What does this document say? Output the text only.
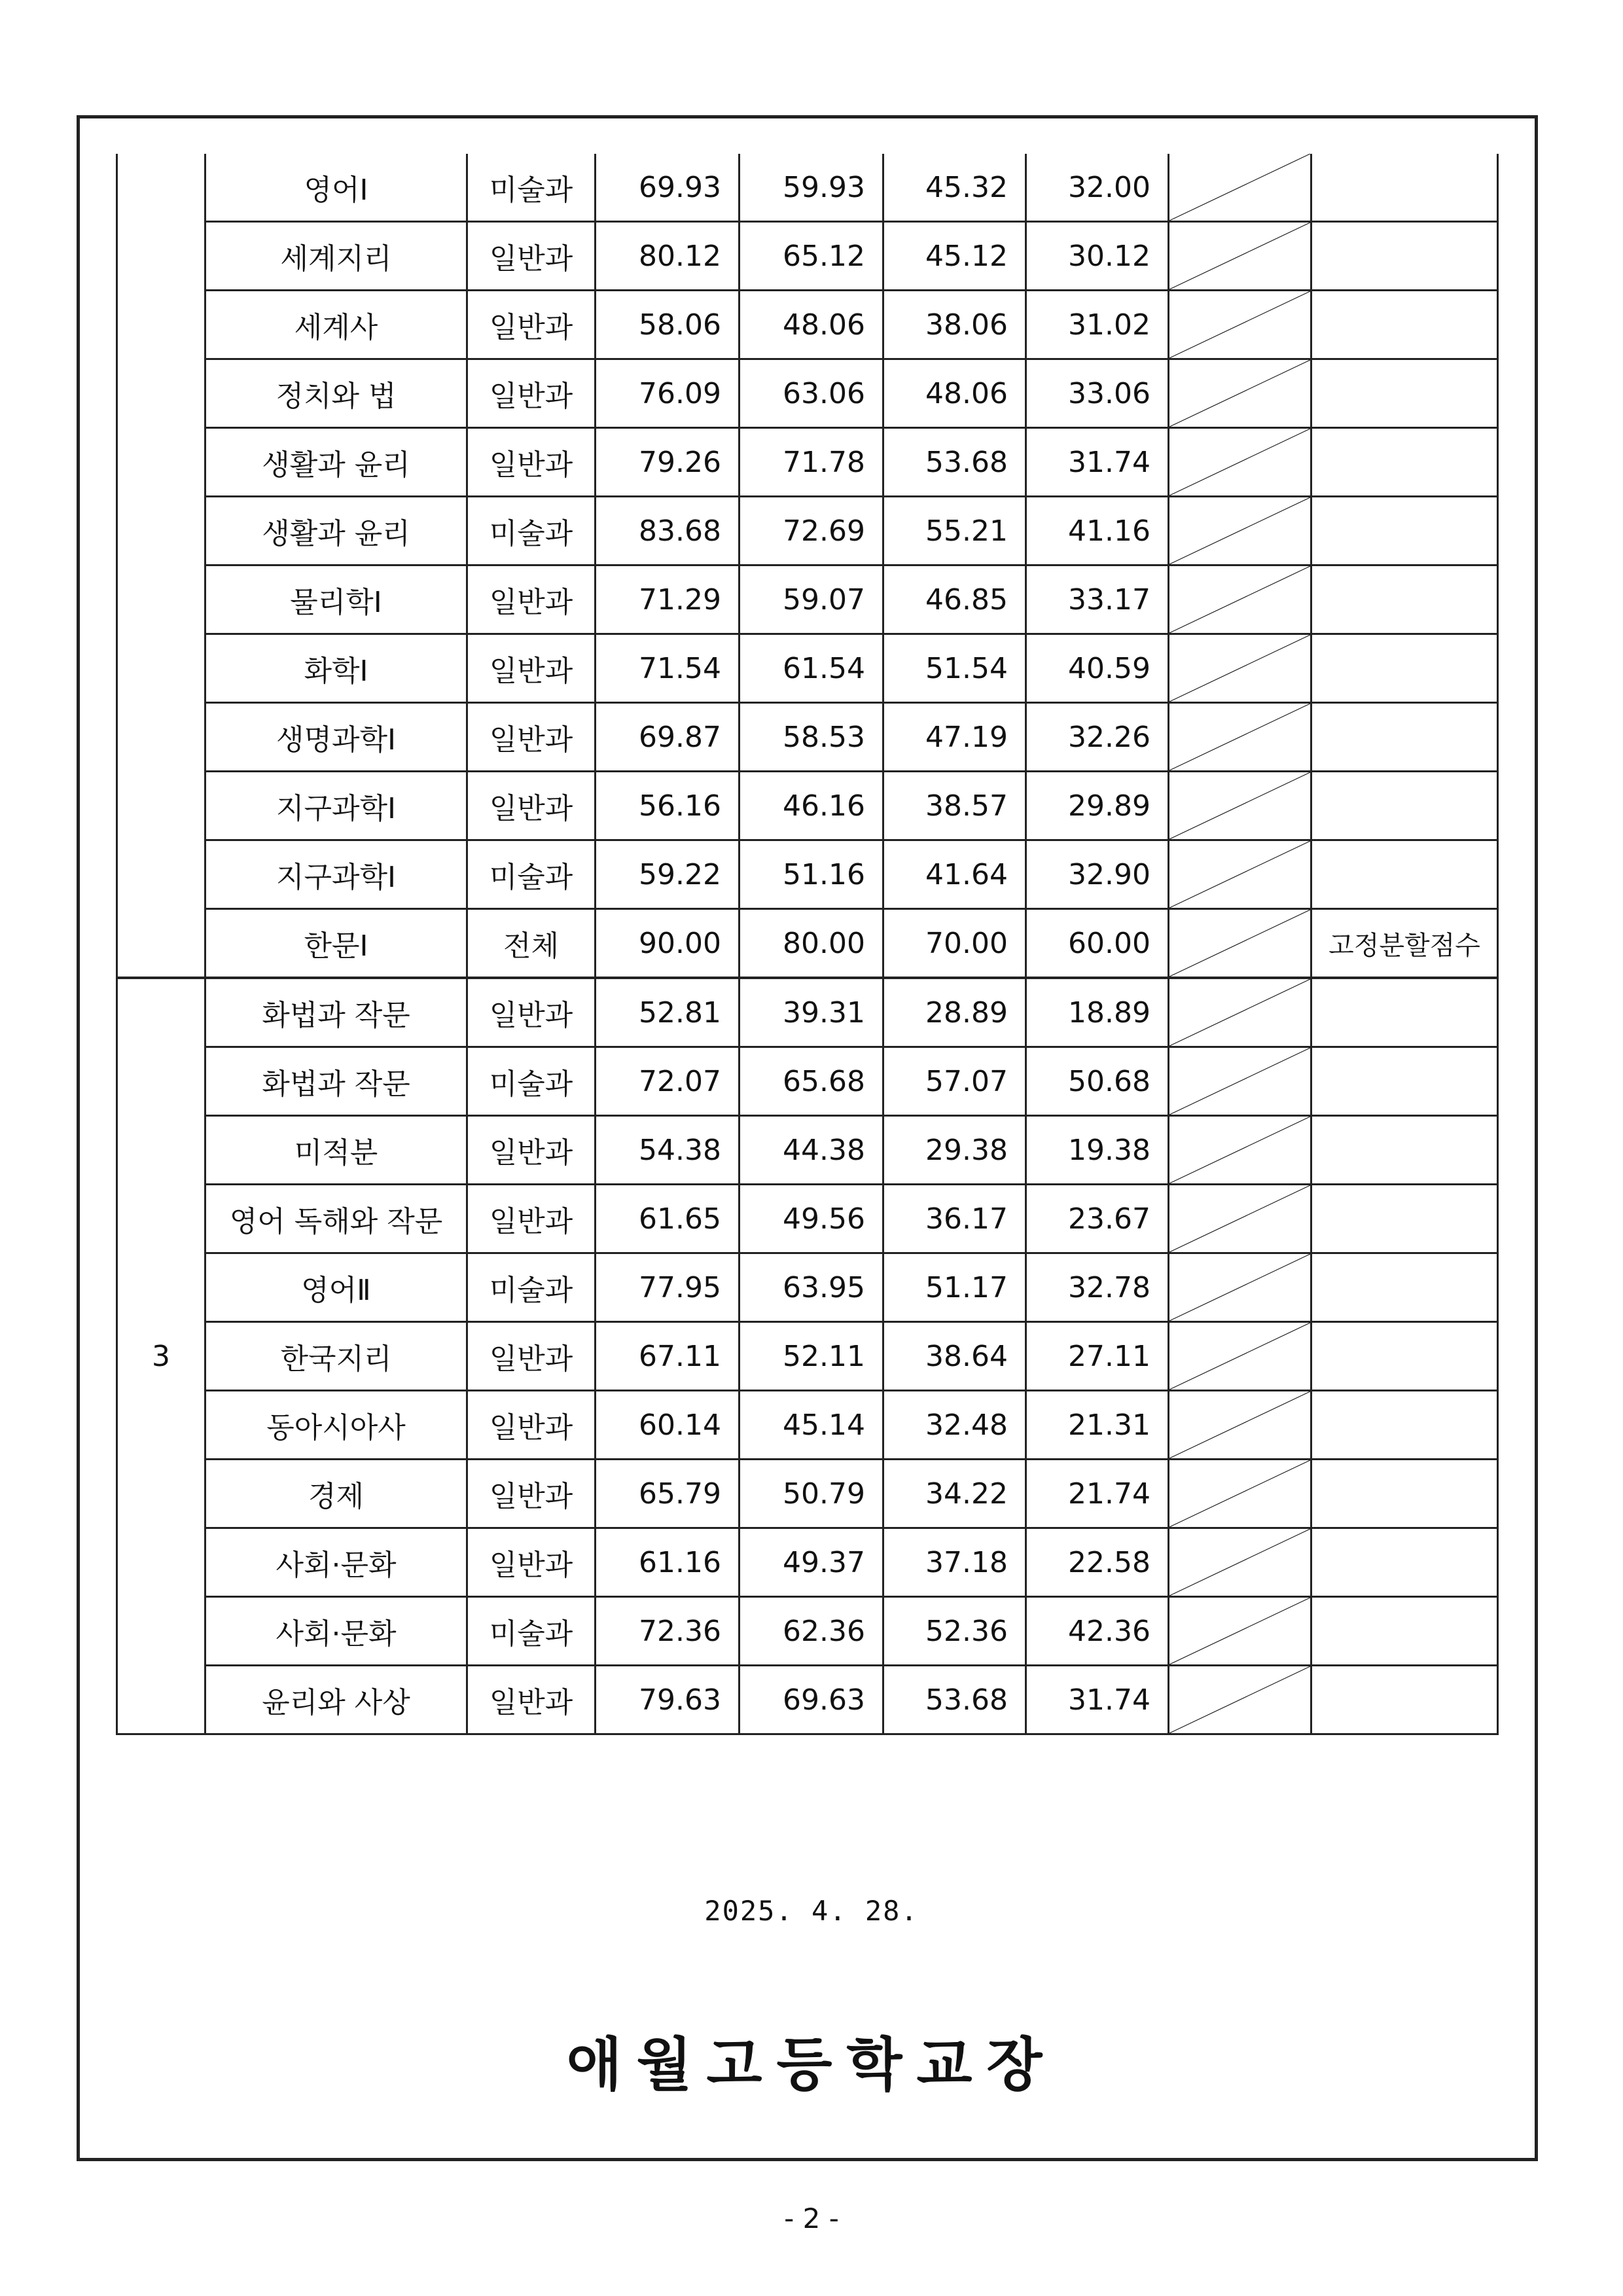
	영어Ⅰ	미술과	69.93	59.93	45.32	32.00	

	세계지리	일반과	80.12	65.12	45.12	30.12	

	세계사	일반과	58.06	48.06	38.06	31.02	

	정치와 법	일반과	76.09	63.06	48.06	33.06	

	생활과 윤리	일반과	79.26	71.78	53.68	31.74	

	생활과 윤리	미술과	83.68	72.69	55.21	41.16	

	물리학Ⅰ	일반과	71.29	59.07	46.85	33.17	

	화학Ⅰ	일반과	71.54	61.54	51.54	40.59	

	생명과학Ⅰ	일반과	69.87	58.53	47.19	32.26	

	지구과학Ⅰ	일반과	56.16	46.16	38.57	29.89	

	지구과학Ⅰ	미술과	59.22	51.16	41.64	32.90	

	한문Ⅰ	전체	90.00	80.00	70.00	60.00		고정분할점수
3	화법과 작문	일반과	52.81	39.31	28.89	18.89	

	화법과 작문	미술과	72.07	65.68	57.07	50.68	

	미적분	일반과	54.38	44.38	29.38	19.38	

	영어 독해와 작문	일반과	61.65	49.56	36.17	23.67	

	영어Ⅱ	미술과	77.95	63.95	51.17	32.78	

	한국지리	일반과	67.11	52.11	38.64	27.11	

	동아시아사	일반과	60.14	45.14	32.48	21.31	

	경제	일반과	65.79	50.79	34.22	21.74	

	사회·문화	일반과	61.16	49.37	37.18	22.58	

	사회·문화	미술과	72.36	62.36	52.36	42.36	

	윤리와 사상	일반과	79.63	69.63	53.68	31.74	

2025. 4. 28.
애월고등학교장
- 2 -
